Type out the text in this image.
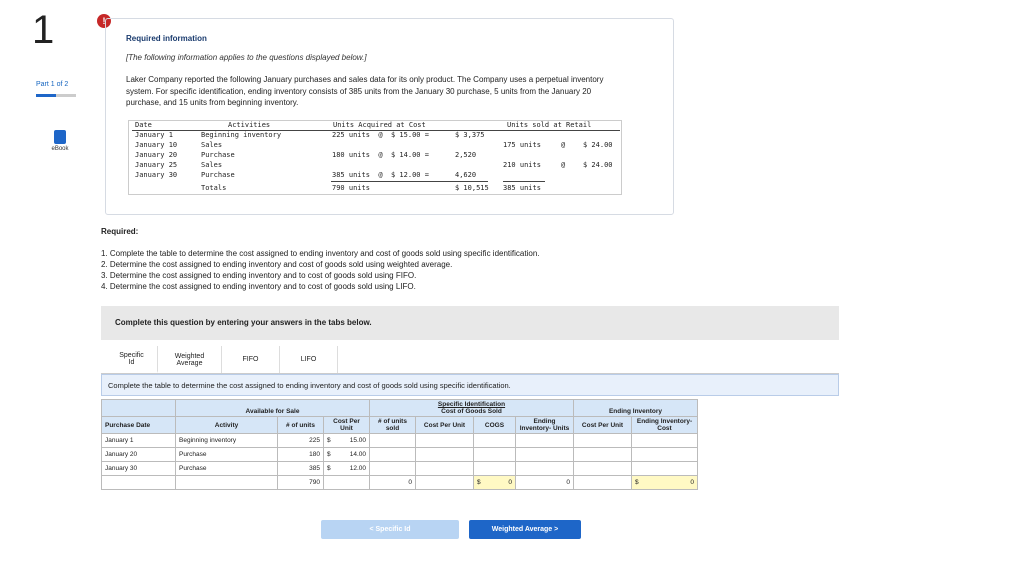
1
Part 1 of 2
eBook
!
Required information
[The following information applies to the questions displayed below.]
Laker Company reported the following January purchases and sales data for its only product. The Company uses a perpetual inventory system. For specific identification, ending inventory consists of 385 units from the January 30 purchase, 5 units from the January 20 purchase, and 15 units from beginning inventory.
Date	Activities	Units Acquired at Cost	Units sold at Retail
January 1	Beginning inventory	225 units  @  $ 15.00 =	$ 3,375
January 10	Sales	175 units	@	$ 24.00
January 20	Purchase	180 units  @  $ 14.00 =	2,520
January 25	Sales	210 units	@	$ 24.00
January 30	Purchase	385 units  @  $ 12.00 =	4,620
Totals	790 units	$ 10,515 385 units
Required:
1. Complete the table to determine the cost assigned to ending inventory and cost of goods sold using specific identification.
2. Determine the cost assigned to ending inventory and cost of goods sold using weighted average.
3. Determine the cost assigned to ending inventory and to cost of goods sold using FIFO.
4. Determine the cost assigned to ending inventory and to cost of goods sold using LIFO.
Complete this question by entering your answers in the tabs below.
Specific Id
Weighted Average	FIFO	LIFO
Complete the table to determine the cost assigned to ending inventory and cost of goods sold using specific identification.

Available for Sale			Specific Identification
Cost of Goods Sold				Ending Inventory	
Purchase Date	Activity	# of units	Cost Per Unit	# of units sold	Cost Per Unit	COGS	Ending Inventory- Units	Cost Per Unit	Ending Inventory- Cost
January 1	Beginning inventory	225	$ 15.00						
January 20	Purchase	180	$ 14.00						
January 30	Purchase	385	$ 12.00						
		790		0		$ 0	0		$ 0
< Specific Id	Weighted Average >
